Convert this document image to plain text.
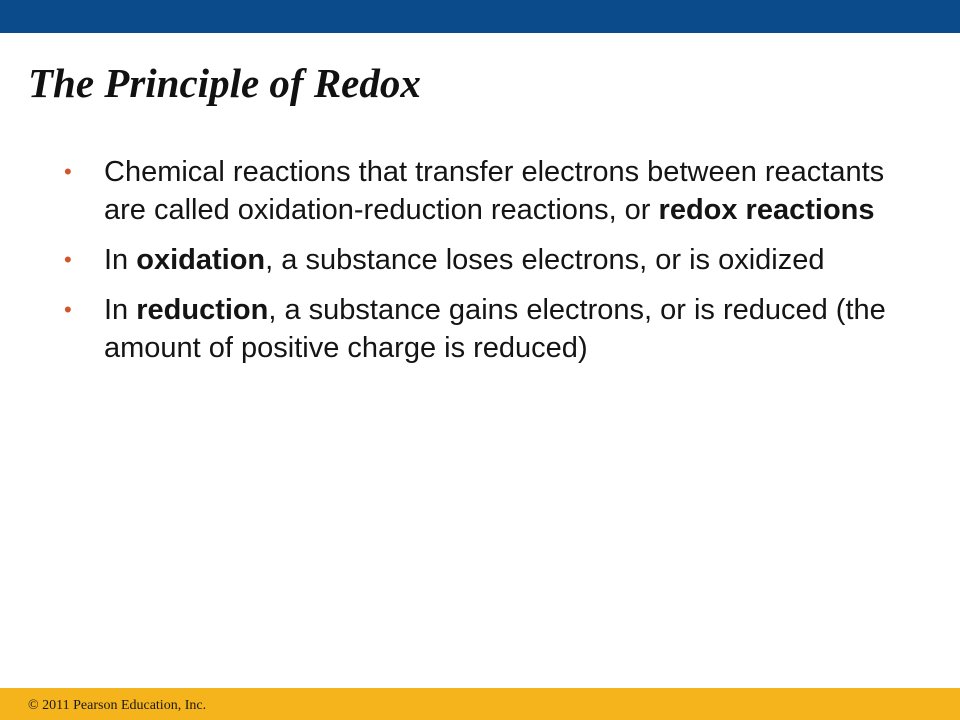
The Principle of Redox
• Chemical reactions that transfer electrons between reactants are called oxidation-reduction reactions, or redox reactions
• In oxidation, a substance loses electrons, or is oxidized
• In reduction, a substance gains electrons, or is reduced (the amount of positive charge is reduced)
© 2011 Pearson Education, Inc.
